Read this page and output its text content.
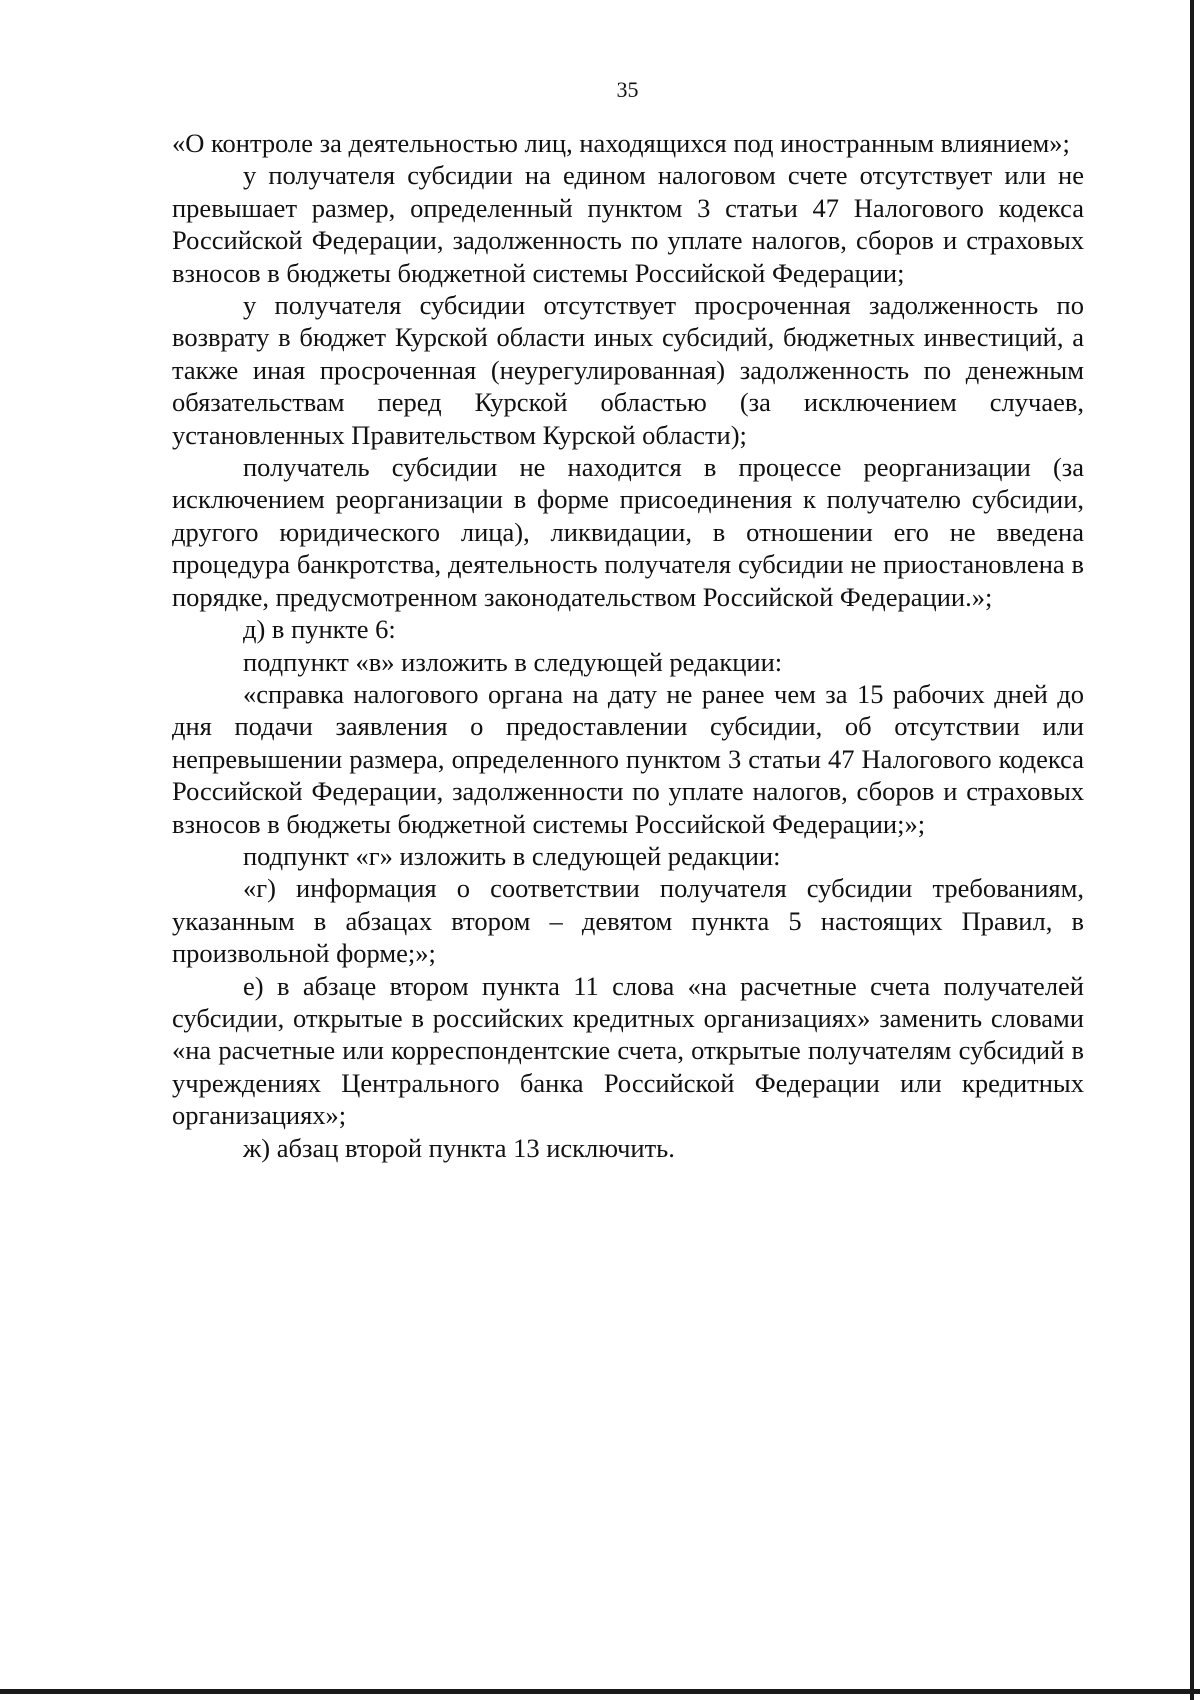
35

«О контроле за деятельностью лиц, находящихся под иностранным влиянием»;

у получателя субсидии на едином налоговом счете отсутствует или не превышает размер, определенный пунктом 3 статьи 47 Налогового кодекса Российской Федерации, задолженность по уплате налогов, сборов и страховых взносов в бюджеты бюджетной системы Российской Федерации;

у получателя субсидии отсутствует просроченная задолженность по возврату в бюджет Курской области иных субсидий, бюджетных инвестиций, а также иная просроченная (неурегулированная) задолженность по денежным обязательствам перед Курской областью (за исключением случаев, установленных Правительством Курской области);

получатель субсидии не находится в процессе реорганизации (за исключением реорганизации в форме присоединения к получателю субсидии, другого юридического лица), ликвидации, в отношении его не введена процедура банкротства, деятельность получателя субсидии не приостановлена в порядке, предусмотренном законодательством Российской Федерации.»;

д) в пункте 6:

подпункт «в» изложить в следующей редакции:

«справка налогового органа на дату не ранее чем за 15 рабочих дней до дня подачи заявления о предоставлении субсидии, об отсутствии или непревышении размера, определенного пунктом 3 статьи 47 Налогового кодекса Российской Федерации, задолженности по уплате налогов, сборов и страховых взносов в бюджеты бюджетной системы Российской Федерации;»;

подпункт «г» изложить в следующей редакции:

«г) информация о соответствии получателя субсидии требованиям, указанным в абзацах втором – девятом пункта 5 настоящих Правил, в произвольной форме;»;

е) в абзаце втором пункта 11 слова «на расчетные счета получателей субсидии, открытые в российских кредитных организациях» заменить словами «на расчетные или корреспондентские счета, открытые получателям субсидий в учреждениях Центрального банка Российской Федерации или кредитных организациях»;

ж) абзац второй пункта 13 исключить.
